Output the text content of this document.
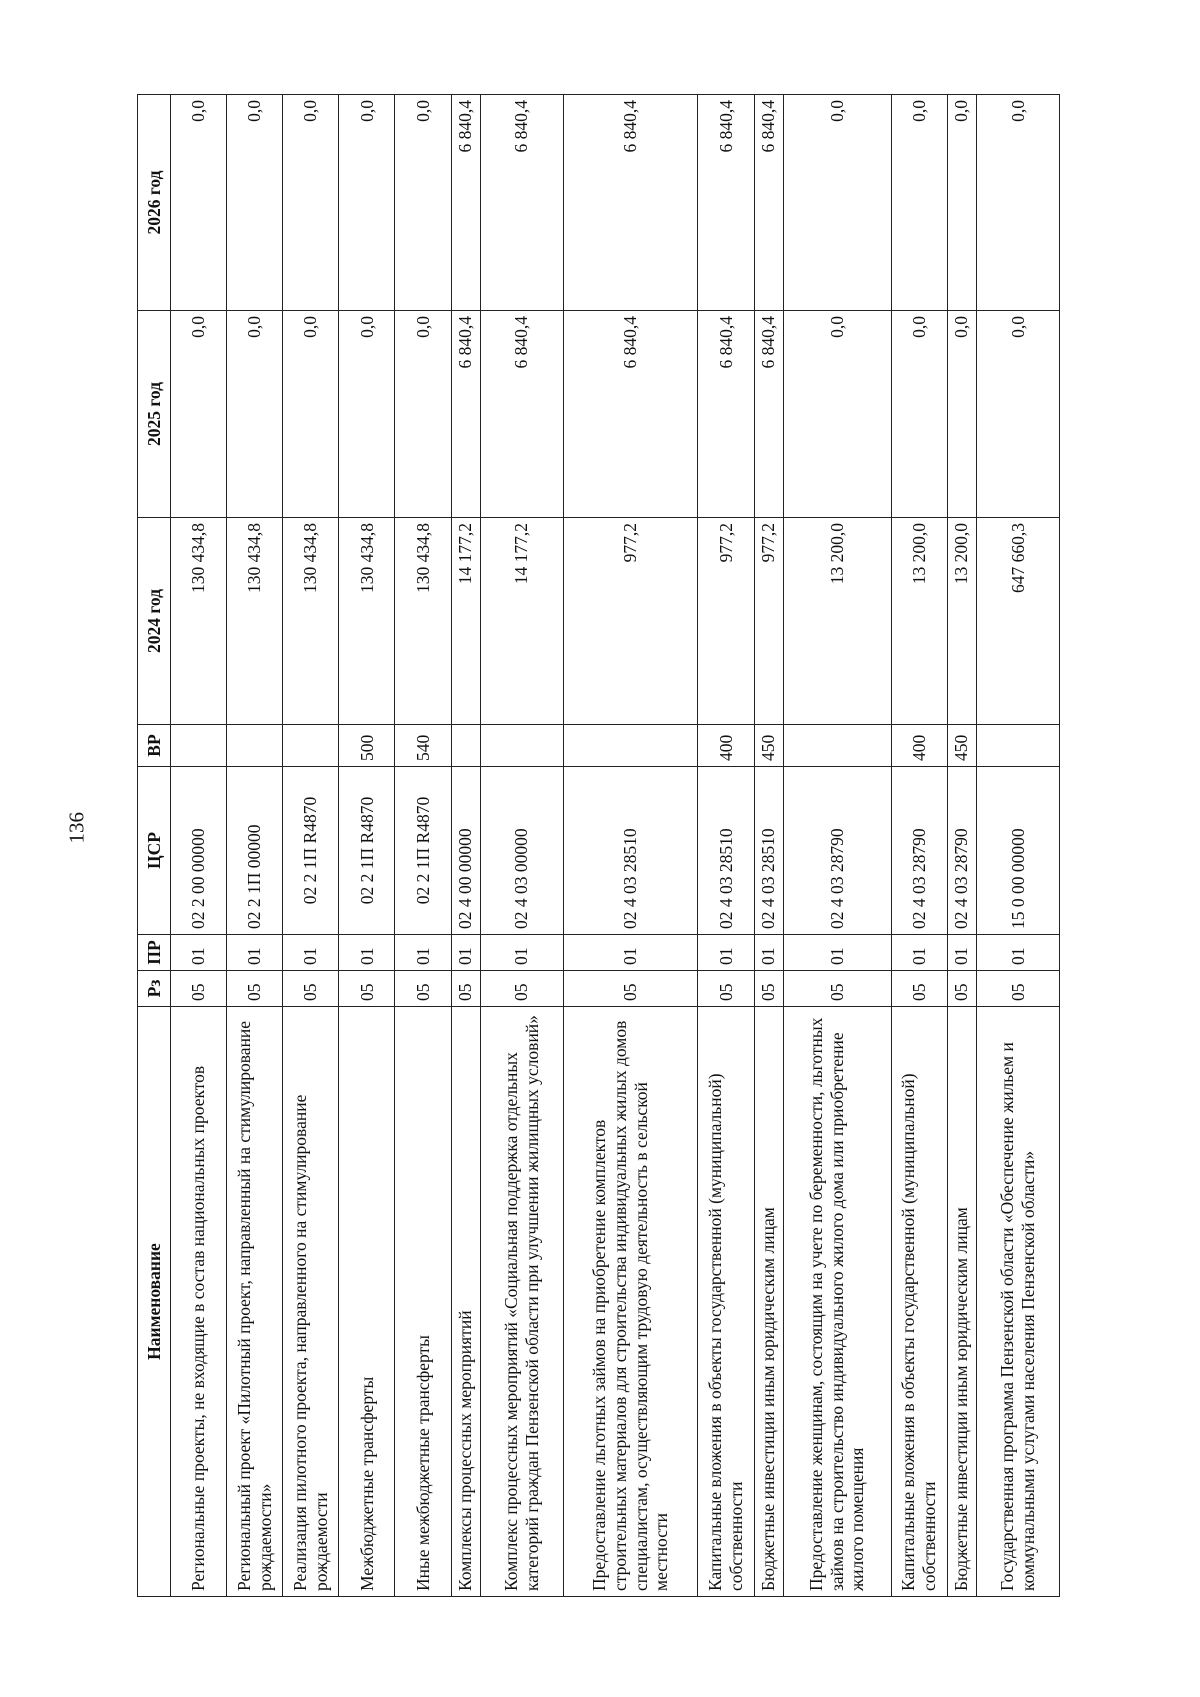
136
Наименование	Рз	ПР	ЦСР	ВР	2024 год	2025 год	2026 год
Региональные проекты, не входящие в состав национальных проектов	05	01	02 2 00 00000		130 434,8	0,0	0,0
Региональный проект «Пилотный проект, направленный на стимулирование рождаемости»	05	01	02 2 1П 00000		130 434,8	0,0	0,0
Реализация пилотного проекта, направленного на стимулирование рождаемости	05	01	02 2 1П R4870		130 434,8	0,0	0,0
Межбюджетные трансферты	05	01	02 2 1П R4870	500	130 434,8	0,0	0,0
Иные межбюджетные трансферты	05	01	02 2 1П R4870	540	130 434,8	0,0	0,0
Комплексы процессных мероприятий	05	01	02 4 00 00000		14 177,2	6 840,4	6 840,4
Комплекс процессных мероприятий «Социальная поддержка отдельных категорий граждан Пензенской области при улучшении жилищных условий»	05	01	02 4 03 00000		14 177,2	6 840,4	6 840,4
Предоставление льготных займов на приобретение комплектов строительных материалов для строительства индивидуальных жилых домов специалистам, осуществляющим трудовую деятельность в сельской местности	05	01	02 4 03 28510		977,2	6 840,4	6 840,4
Капитальные вложения в объекты государственной (муниципальной) собственности	05	01	02 4 03 28510	400	977,2	6 840,4	6 840,4
Бюджетные инвестиции иным юридическим лицам	05	01	02 4 03 28510	450	977,2	6 840,4	6 840,4
Предоставление женщинам, состоящим на учете по беременности, льготных займов на строительство индивидуального жилого дома или приобретение жилого помещения	05	01	02 4 03 28790		13 200,0	0,0	0,0
Капитальные вложения в объекты государственной (муниципальной) собственности	05	01	02 4 03 28790	400	13 200,0	0,0	0,0
Бюджетные инвестиции иным юридическим лицам	05	01	02 4 03 28790	450	13 200,0	0,0	0,0
Государственная программа Пензенской области «Обеспечение жильем и коммунальными услугами населения Пензенской области»	05	01	15 0 00 00000		647 660,3	0,0	0,0
